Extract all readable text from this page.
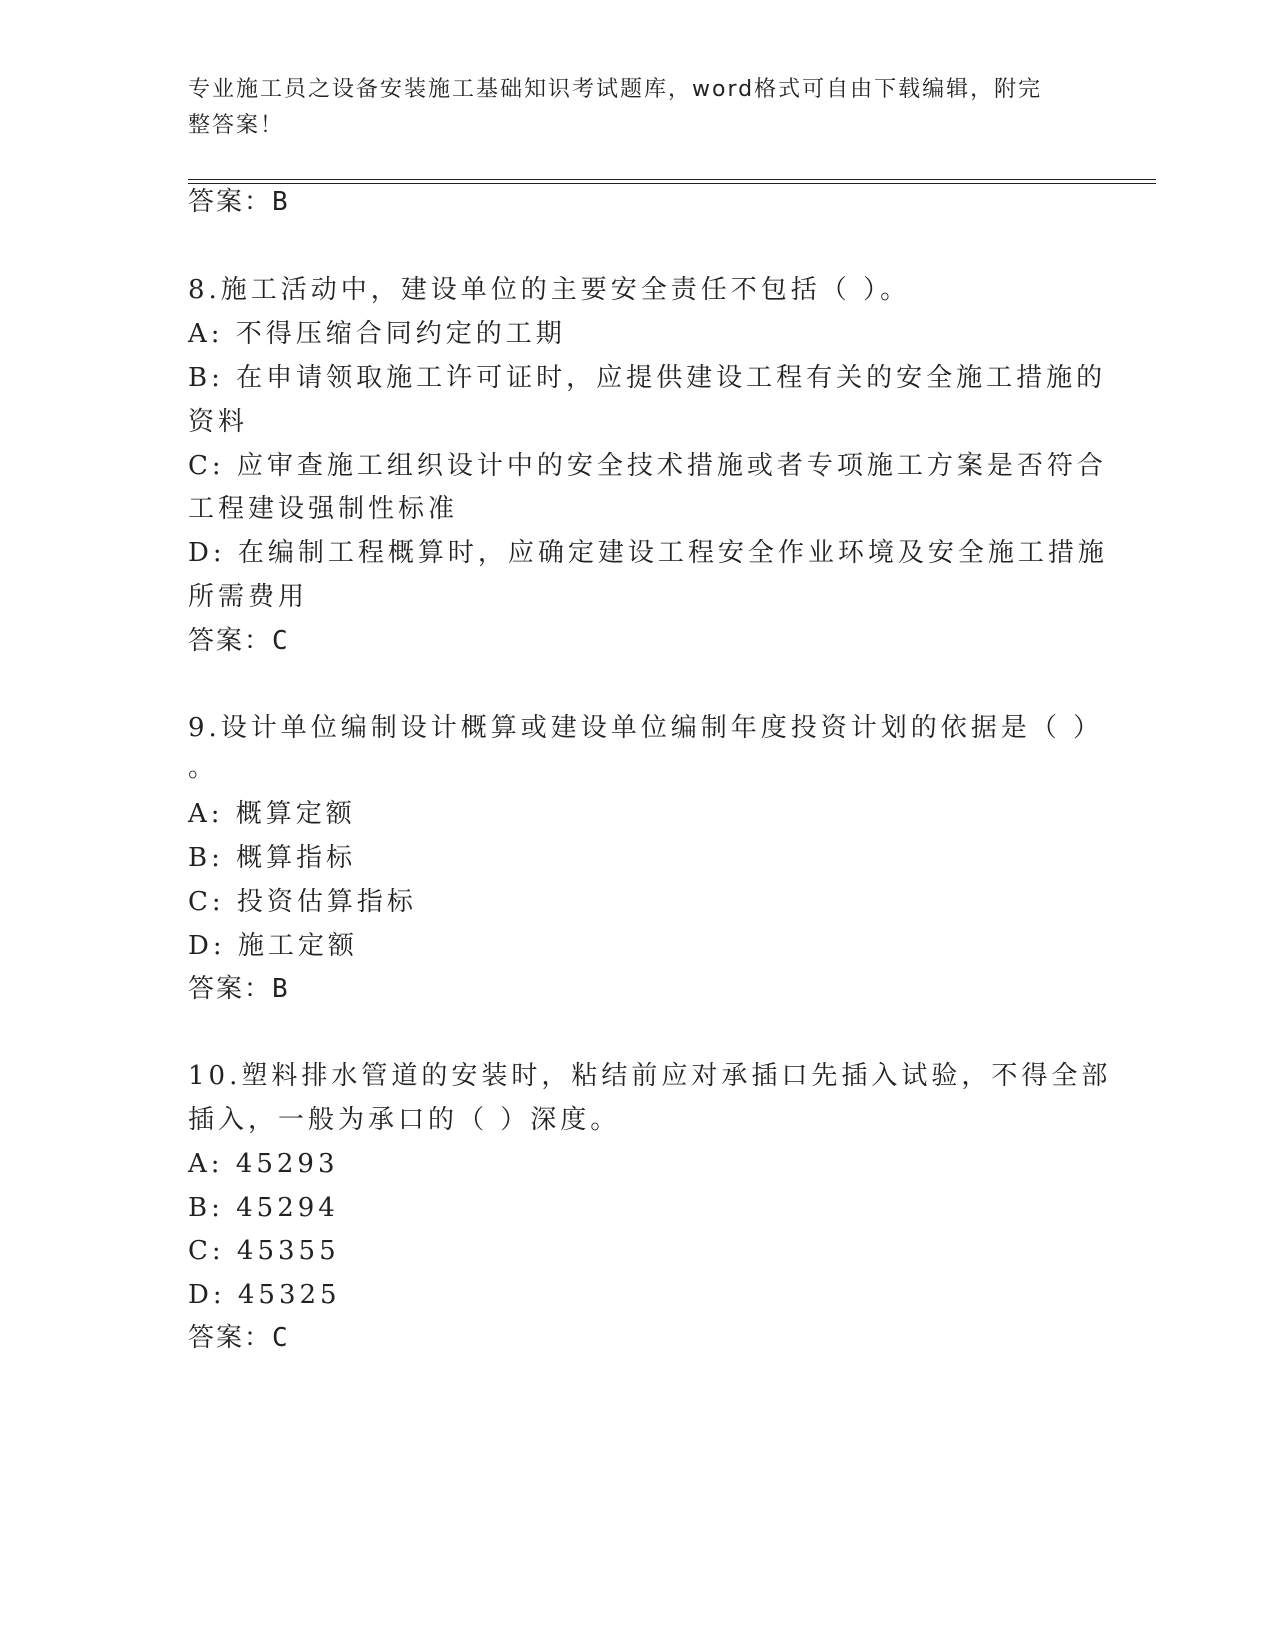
专业施工员之设备安装施工基础知识考试题库，word格式可自由下载编辑，附完
整答案！
答案：B
8.施工活动中，建设单位的主要安全责任不包括（ ）。
A: 不得压缩合同约定的工期
B: 在申请领取施工许可证时，应提供建设工程有关的安全施工措施的
资料
C: 应审查施工组织设计中的安全技术措施或者专项施工方案是否符合
工程建设强制性标准
D: 在编制工程概算时，应确定建设工程安全作业环境及安全施工措施
所需费用
答案：C
9.设计单位编制设计概算或建设单位编制年度投资计划的依据是（ ）
。
A: 概算定额
B: 概算指标
C: 投资估算指标
D: 施工定额
答案：B
10.塑料排水管道的安装时，粘结前应对承插口先插入试验，不得全部
插入，一般为承口的（ ）深度。
A: 45293
B: 45294
C: 45355
D: 45325
答案：C
